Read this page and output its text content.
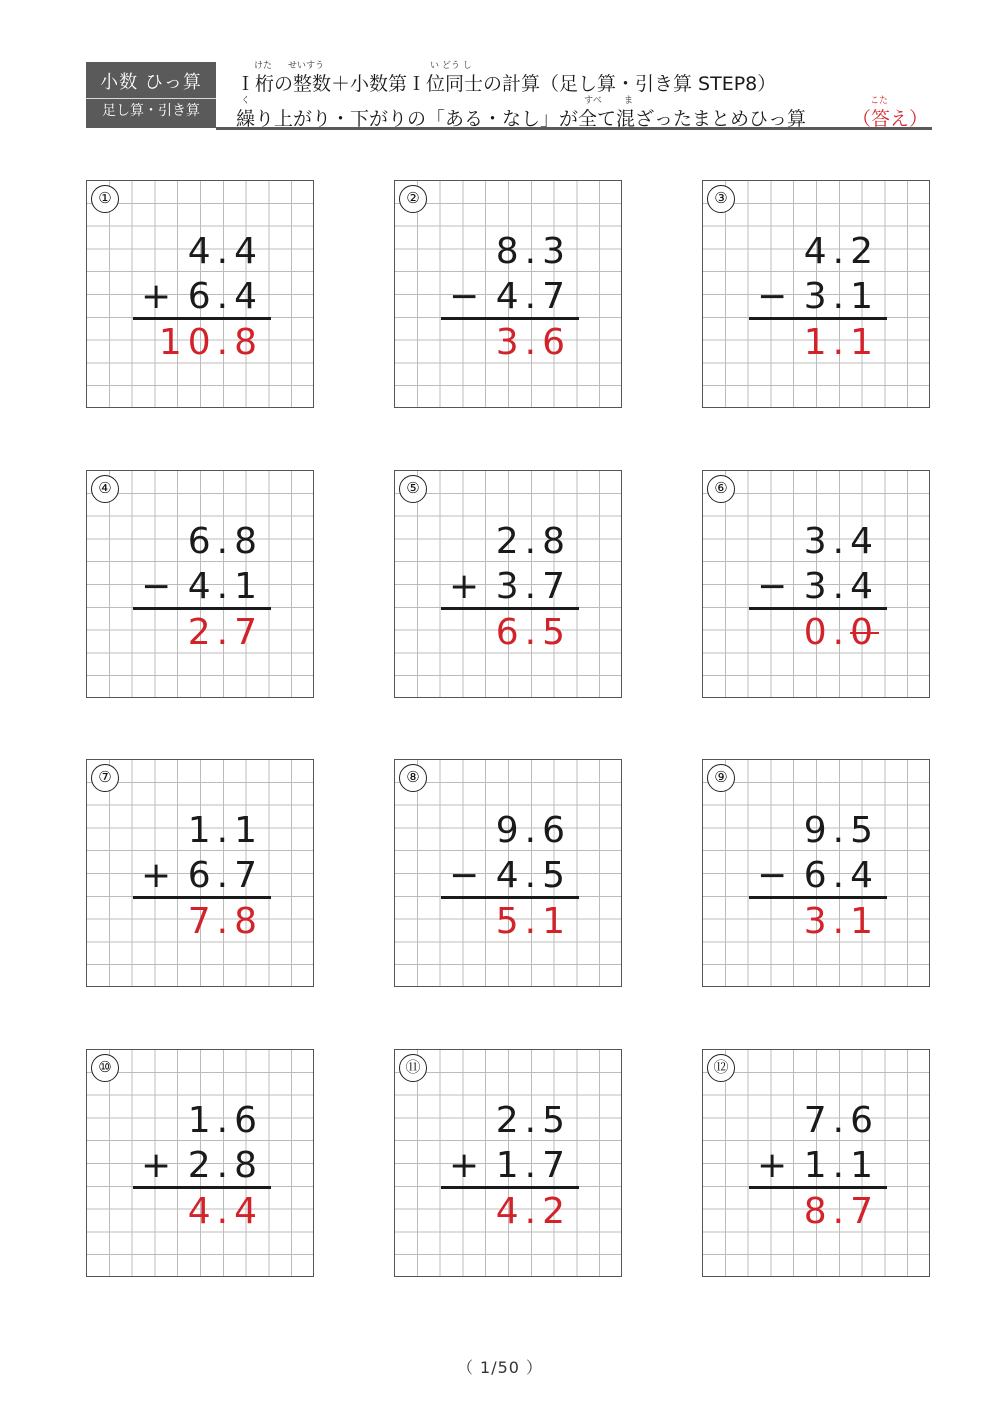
小数 ひっ算
足し算・引き算
けた せいすう	い どう し
Ｉ桁の整数＋小数第Ｉ位同士の計算（足し算・引き算 STEP8）
く	すべ ま
繰り上がり・下がりの「ある・なし」が全て混ざったまとめひっ算
こた
（答え）
①
4.4
+ 6.4
10.8
②
8.3
− 4.7
3.6
③
4.2
− 3.1
1.1
④
6.8
− 4.1
2.7
⑤
2.8
+ 3.7
6.5
⑥
3.4
− 3.4
0.0
⑦
1.1
+ 6.7
7.8
⑧
9.6
− 4.5
5.1
⑨
9.5
− 6.4
3.1
⑩
1.6
+ 2.8
4.4
⑪
2.5
+ 1.7
4.2
⑫
7.6
+ 1.1
8.7
（ 1/50 ）
